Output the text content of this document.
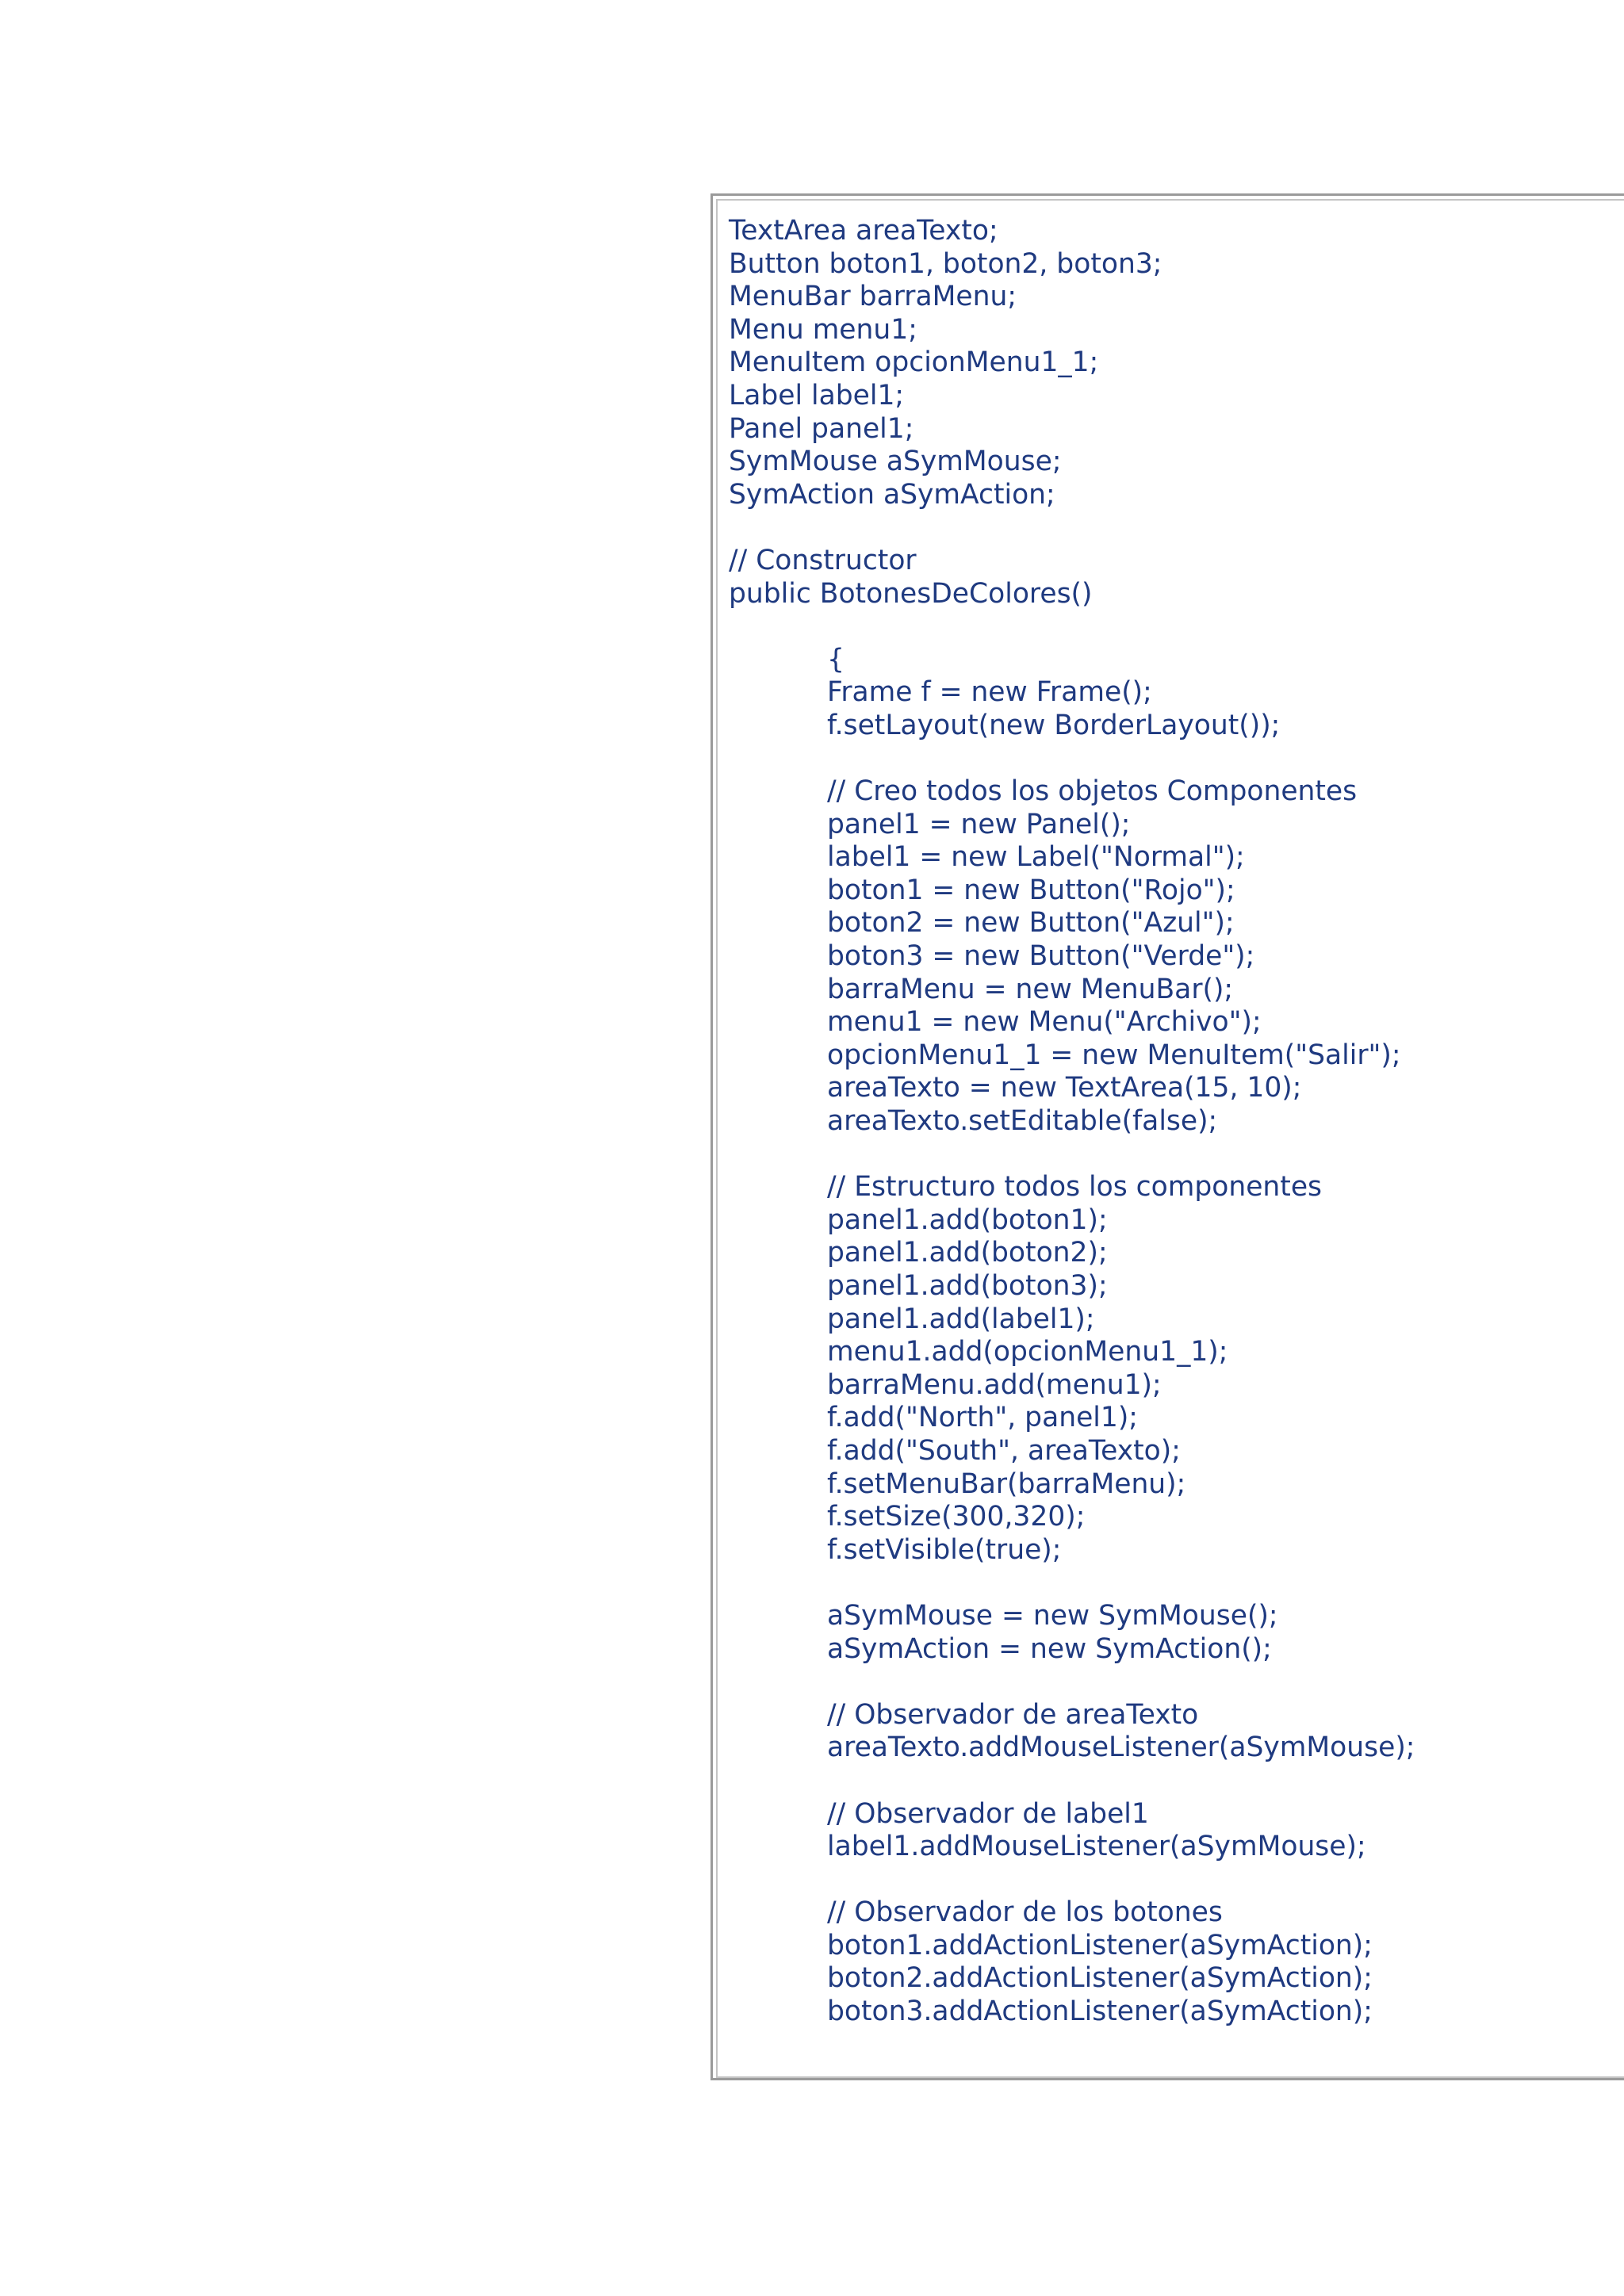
TextArea areaTexto;
Button boton1, boton2, boton3;
MenuBar barraMenu;
Menu menu1;
MenuItem opcionMenu1_1;
Label label1;
Panel panel1;
SymMouse aSymMouse;
SymAction aSymAction;
// Constructor
public BotonesDeColores()
{
Frame f = new Frame();
f.setLayout(new BorderLayout());
// Creo todos los objetos Componentes
panel1 = new Panel();
label1 = new Label("Normal");
boton1 = new Button("Rojo");
boton2 = new Button("Azul");
boton3 = new Button("Verde");
barraMenu = new MenuBar();
menu1 = new Menu("Archivo");
opcionMenu1_1 = new MenuItem("Salir");
areaTexto = new TextArea(15, 10);
areaTexto.setEditable(false);
// Estructuro todos los componentes
panel1.add(boton1);
panel1.add(boton2);
panel1.add(boton3);
panel1.add(label1);
menu1.add(opcionMenu1_1);
barraMenu.add(menu1);
f.add("North", panel1);
f.add("South", areaTexto);
f.setMenuBar(barraMenu);
f.setSize(300,320);
f.setVisible(true);
aSymMouse = new SymMouse();
aSymAction = new SymAction();
// Observador de areaTexto
areaTexto.addMouseListener(aSymMouse);
// Observador de label1
label1.addMouseListener(aSymMouse);
// Observador de los botones
boton1.addActionListener(aSymAction);
boton2.addActionListener(aSymAction);
boton3.addActionListener(aSymAction);
